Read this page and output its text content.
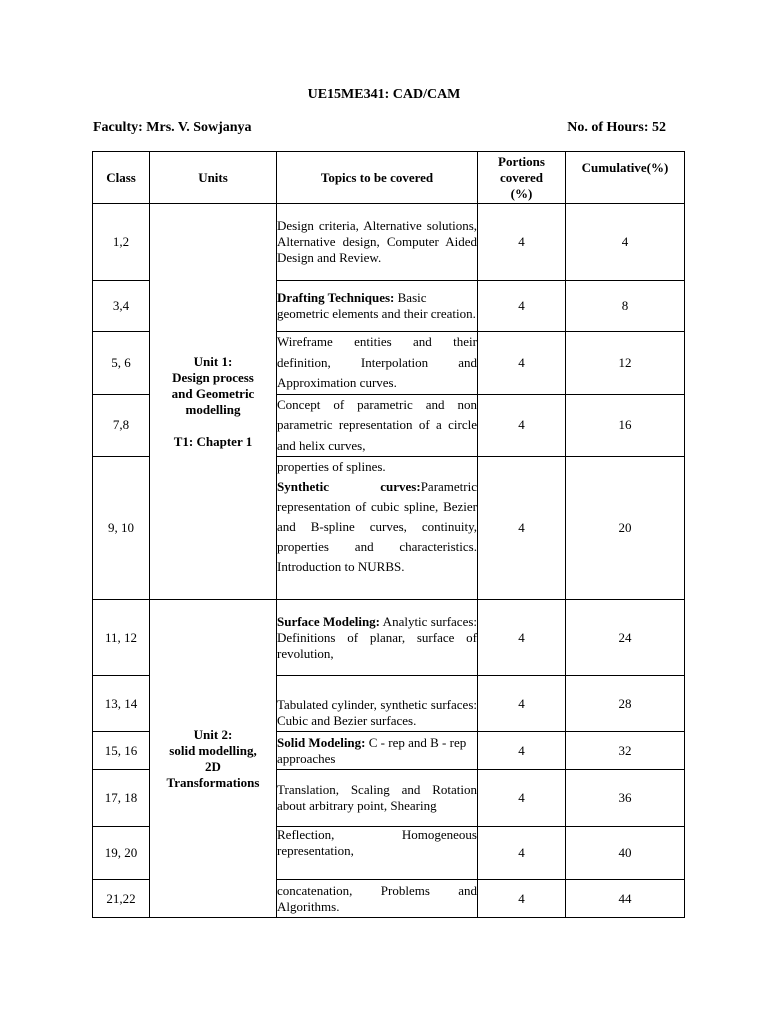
UE15ME341: CAD/CAM
Faculty: Mrs. V. Sowjanya	No. of Hours: 52
Class	Units	Topics to be covered	Portions
covered
(%)	Cumulative(%)
1,2	Unit 1:
Design process
and Geometric
modelling

T1: Chapter 1	Design criteria, Alternative solutions, Alternative design, Computer Aided Design and Review.	4	4
3,4		Drafting Techniques: Basic geometric elements and their creation.	4	8
5, 6		Wireframe entities and their definition, Interpolation and Approximation curves.	4	12
7,8		Concept of parametric and non parametric representation of a circle and helix curves,	4	16
9, 10		properties of splines.
Synthetic curves:Parametric representation of cubic spline, Bezier and B-spline curves, continuity, properties and characteristics. Introduction to NURBS.	4	20
11, 12	Unit 2:
solid modelling,
2D
Transformations	Surface Modeling: Analytic surfaces: Definitions of planar, surface of revolution,	4	24
13, 14		Tabulated cylinder, synthetic surfaces: Cubic and Bezier surfaces.	4	28
15, 16		Solid Modeling: C - rep and B - rep approaches	4	32
17, 18		Translation, Scaling and Rotation about arbitrary point, Shearing	4	36
19, 20		Reflection, Homogeneous representation,	4	40
21,22		concatenation, Problems and Algorithms.	4	44
